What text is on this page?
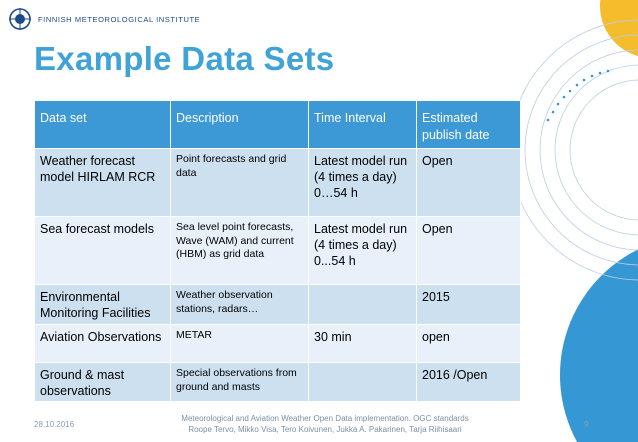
FINNISH METEOROLOGICAL INSTITUTE
Example Data Sets
Data set	Description	Time Interval	Estimated publish date
Weather forecast model HIRLAM RCR	Point forecasts and grid data	Latest model run
(4 times a day)
0…54 h	Open
Sea forecast models	Sea level point forecasts, Wave (WAM) and current (HBM) as grid data	Latest model run
(4 times a day)
0...54 h	Open
Environmental Monitoring Facilities	Weather observation stations, radars…		2015
Aviation Observations	METAR	30 min	open
Ground & mast observations	Special observations from ground and masts		2016 /Open
28.10.2016
Meteorological and Aviation Weather Open Data implementation. OGC standards
Roope Tervo, Mikko Visa, Tero Koivunen, Jukka A. Pakarinen, Tarja Riihisaari
9
